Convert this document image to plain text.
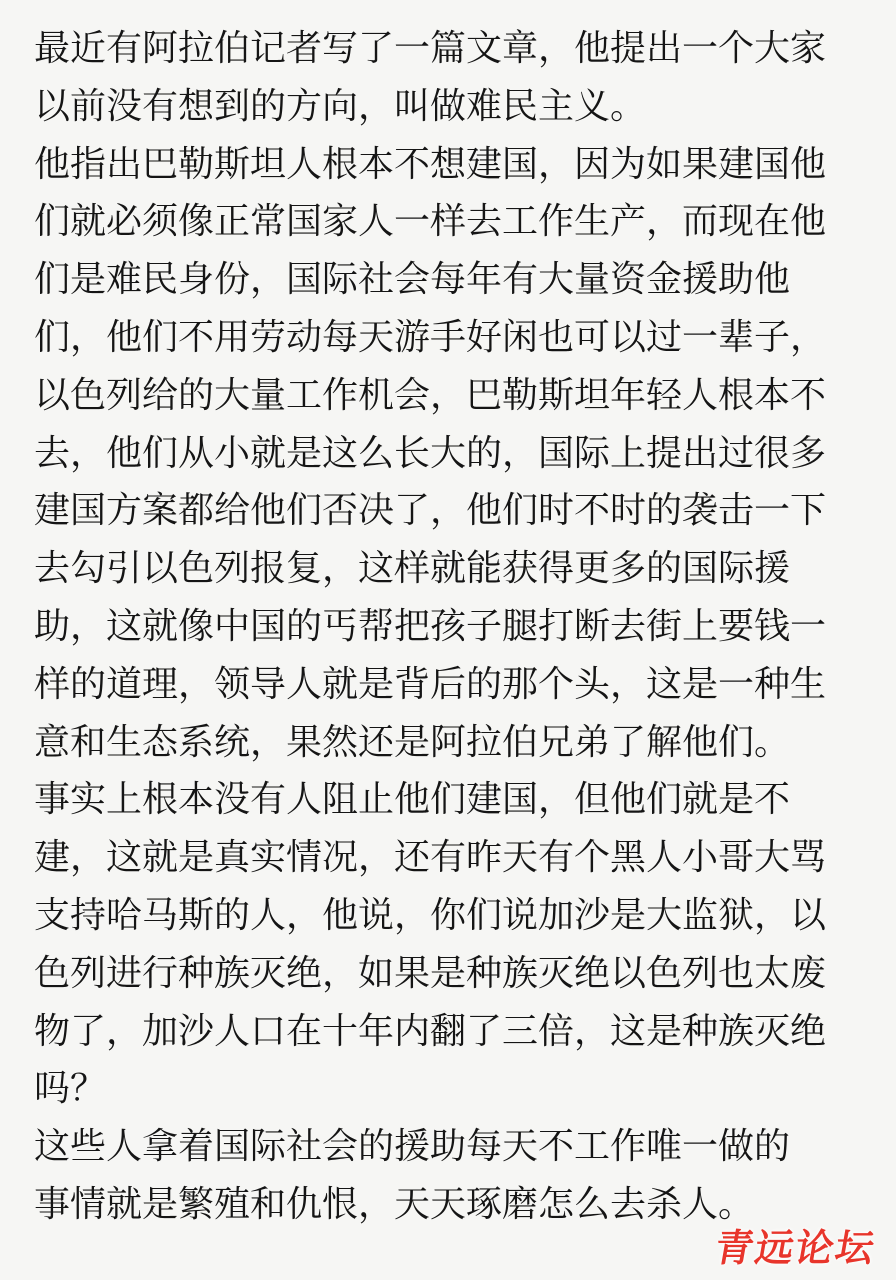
最近有阿拉伯记者写了一篇文章，他提出一个大家
以前没有想到的方向，叫做难民主义。
他指出巴勒斯坦人根本不想建国，因为如果建国他
们就必须像正常国家人一样去工作生产，而现在他
们是难民身份，国际社会每年有大量资金援助他
们，他们不用劳动每天游手好闲也可以过一辈子，
以色列给的大量工作机会，巴勒斯坦年轻人根本不
去，他们从小就是这么长大的，国际上提出过很多
建国方案都给他们否决了，他们时不时的袭击一下
去勾引以色列报复，这样就能获得更多的国际援
助，这就像中国的丐帮把孩子腿打断去街上要钱一
样的道理，领导人就是背后的那个头，这是一种生
意和生态系统，果然还是阿拉伯兄弟了解他们。
事实上根本没有人阻止他们建国，但他们就是不
建，这就是真实情况，还有昨天有个黑人小哥大骂
支持哈马斯的人，他说，你们说加沙是大监狱，以
色列进行种族灭绝，如果是种族灭绝以色列也太废
物了，加沙人口在十年内翻了三倍，这是种族灭绝
吗？
这些人拿着国际社会的援助每天不工作唯一做的
事情就是繁殖和仇恨，天天琢磨怎么去杀人。
青远论坛
